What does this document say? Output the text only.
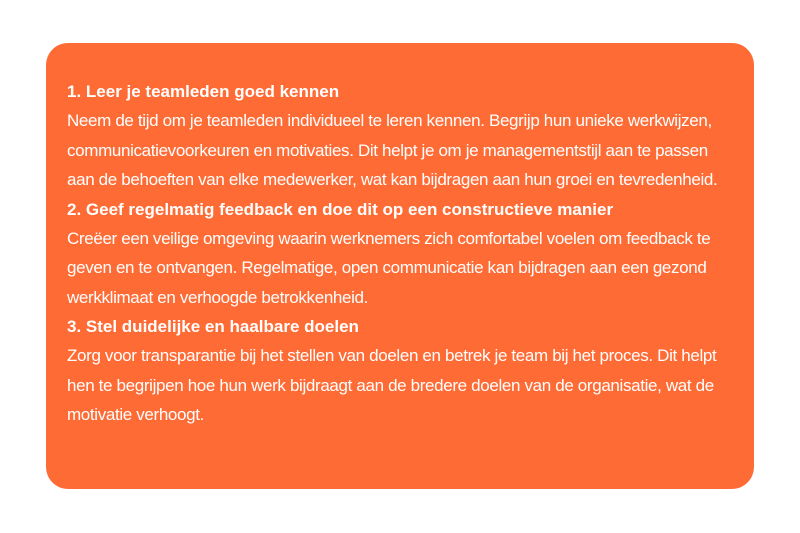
1. Leer je teamleden goed kennen
Neem de tijd om je teamleden individueel te leren kennen. Begrijp hun unieke werkwijzen, communicatievoorkeuren en motivaties. Dit helpt je om je managementstijl aan te passen aan de behoeften van elke medewerker, wat kan bijdragen aan hun groei en tevredenheid.
2. Geef regelmatig feedback en doe dit op een constructieve manier
Creëer een veilige omgeving waarin werknemers zich comfortabel voelen om feedback te geven en te ontvangen. Regelmatige, open communicatie kan bijdragen aan een gezond werkklimaat en verhoogde betrokkenheid.
3. Stel duidelijke en haalbare doelen
Zorg voor transparantie bij het stellen van doelen en betrek je team bij het proces. Dit helpt hen te begrijpen hoe hun werk bijdraagt aan de bredere doelen van de organisatie, wat de motivatie verhoogt.
